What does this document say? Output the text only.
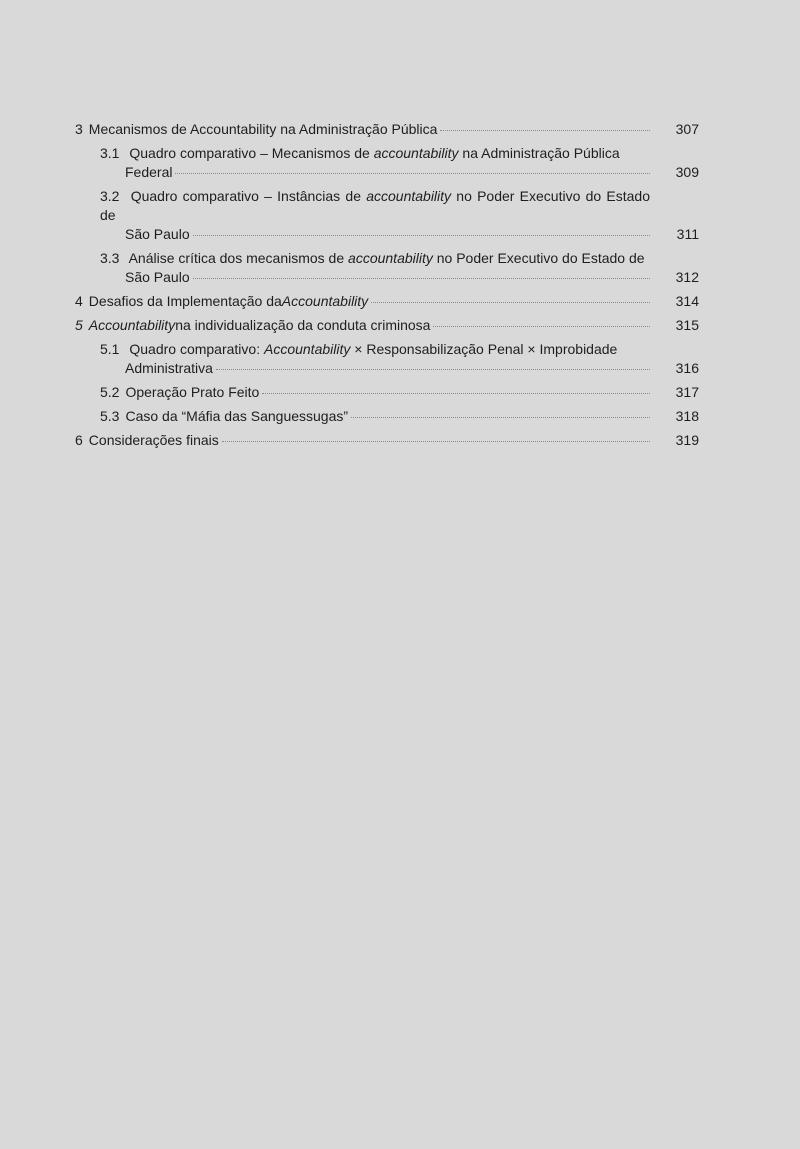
3 Mecanismos de Accountability na Administração Pública	307
3.1 Quadro comparativo – Mecanismos de accountability na Administração Pública
Federal	309
3.2 Quadro comparativo – Instâncias de accountability no Poder Executivo do Estado de
São Paulo	311
3.3 Análise crítica dos mecanismos de accountability no Poder Executivo do Estado de
São Paulo	312
4 Desafios da Implementação da Accountability	314
5 Accountability na individualização da conduta criminosa	315
5.1 Quadro comparativo: Accountability × Responsabilização Penal × Improbidade
Administrativa	316
5.2 Operação Prato Feito	317
5.3 Caso da “Máfia das Sanguessugas”	318
6 Considerações finais	319
